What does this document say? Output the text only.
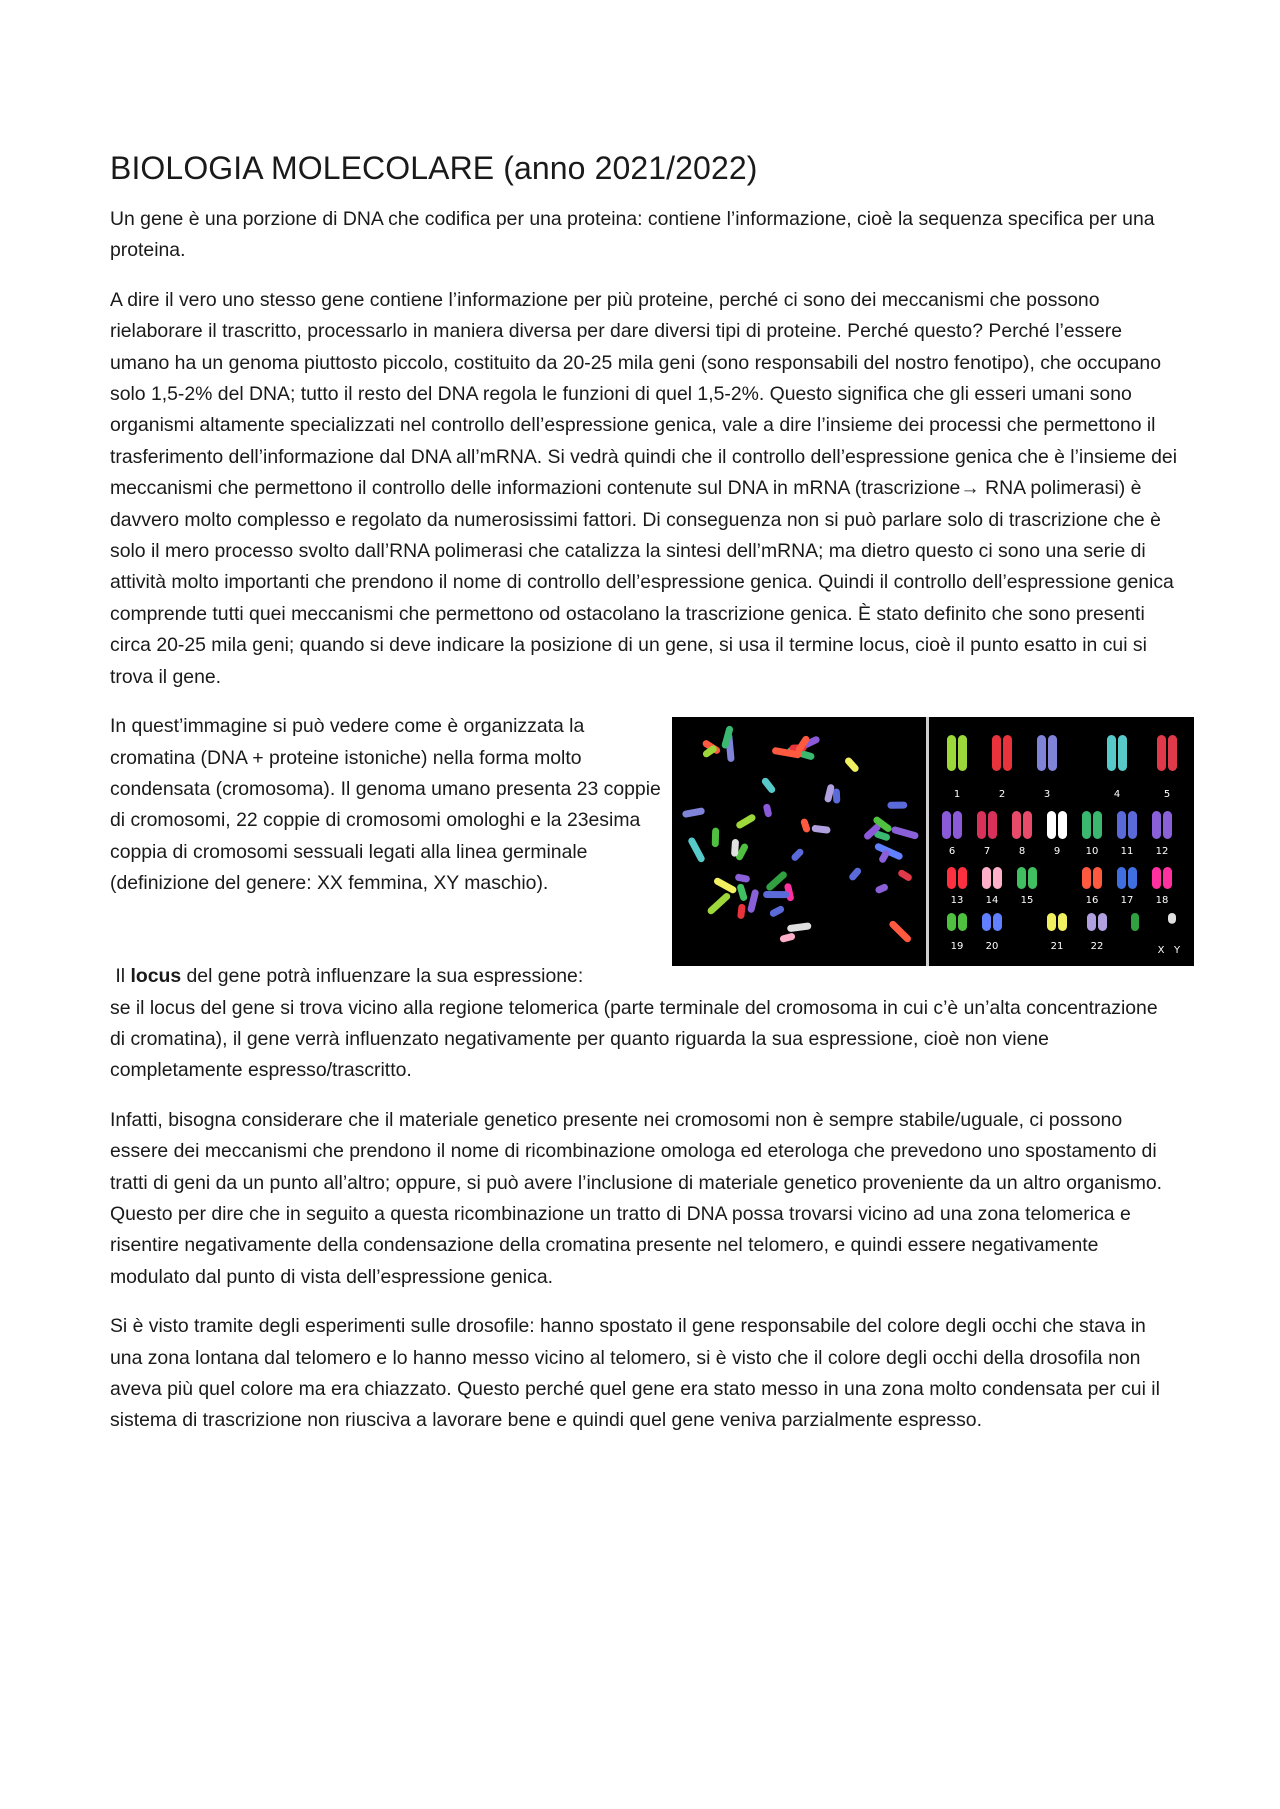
BIOLOGIA MOLECOLARE (anno 2021/2022)

Un gene è una porzione di DNA che codifica per una proteina: contiene l’informazione, cioè la sequenza specifica per una proteina.

A dire il vero uno stesso gene contiene l’informazione per più proteine, perché ci sono dei meccanismi che possono rielaborare il trascritto, processarlo in maniera diversa per dare diversi tipi di proteine. Perché questo? Perché l’essere umano ha un genoma piuttosto piccolo, costituito da 20-25 mila geni (sono responsabili del nostro fenotipo), che occupano solo 1,5-2% del DNA; tutto il resto del DNA regola le funzioni di quel 1,5-2%. Questo significa che gli esseri umani sono organismi altamente specializzati nel controllo dell’espressione genica, vale a dire l’insieme dei processi che permettono il trasferimento dell’informazione dal DNA all’mRNA. Si vedrà quindi che il controllo dell’espressione genica che è l’insieme dei meccanismi che permettono il controllo delle informazioni contenute sul DNA in mRNA (trascrizione→ RNA polimerasi) è davvero molto complesso e regolato da numerosissimi fattori. Di conseguenza non si può parlare solo di trascrizione che è solo il mero processo svolto dall’RNA polimerasi che catalizza la sintesi dell’mRNA; ma dietro questo ci sono una serie di attività molto importanti che prendono il nome di controllo dell’espressione genica. Quindi il controllo dell’espressione genica comprende tutti quei meccanismi che permettono od ostacolano la trascrizione genica. È stato definito che sono presenti circa 20-25 mila geni; quando si deve indicare la posizione di un gene, si usa il termine locus, cioè il punto esatto in cui si trova il gene.

In quest’immagine si può vedere come è organizzata la cromatina (DNA + proteine istoniche) nella forma molto condensata (cromosoma). Il genoma umano presenta 23 coppie di cromosomi, 22 coppie di cromosomi omologhi e la 23esima coppia di cromosomi sessuali legati alla linea germinale (definizione del genere: XX femmina, XY maschio).

1	2	3	4	5
6	7	8	9	10 11 12
13 14 15	16 17 18
19 20	21	22	X Y

Il locus del gene potrà influenzare la sua espressione:
se il locus del gene si trova vicino alla regione telomerica (parte terminale del cromosoma in cui c’è un’alta concentrazione di cromatina), il gene verrà influenzato negativamente per quanto riguarda la sua espressione, cioè non viene completamente espresso/trascritto.

Infatti, bisogna considerare che il materiale genetico presente nei cromosomi non è sempre stabile/uguale, ci possono essere dei meccanismi che prendono il nome di ricombinazione omologa ed eterologa che prevedono uno spostamento di tratti di geni da un punto all’altro; oppure, si può avere l’inclusione di materiale genetico proveniente da un altro organismo. Questo per dire che in seguito a questa ricombinazione un tratto di DNA possa trovarsi vicino ad una zona telomerica e risentire negativamente della condensazione della cromatina presente nel telomero, e quindi essere negativamente modulato dal punto di vista dell’espressione genica.

Si è visto tramite degli esperimenti sulle drosofile: hanno spostato il gene responsabile del colore degli occhi che stava in una zona lontana dal telomero e lo hanno messo vicino al telomero, si è visto che il colore degli occhi della drosofila non aveva più quel colore ma era chiazzato. Questo perché quel gene era stato messo in una zona molto condensata per cui il sistema di trascrizione non riusciva a lavorare bene e quindi quel gene veniva parzialmente espresso.
